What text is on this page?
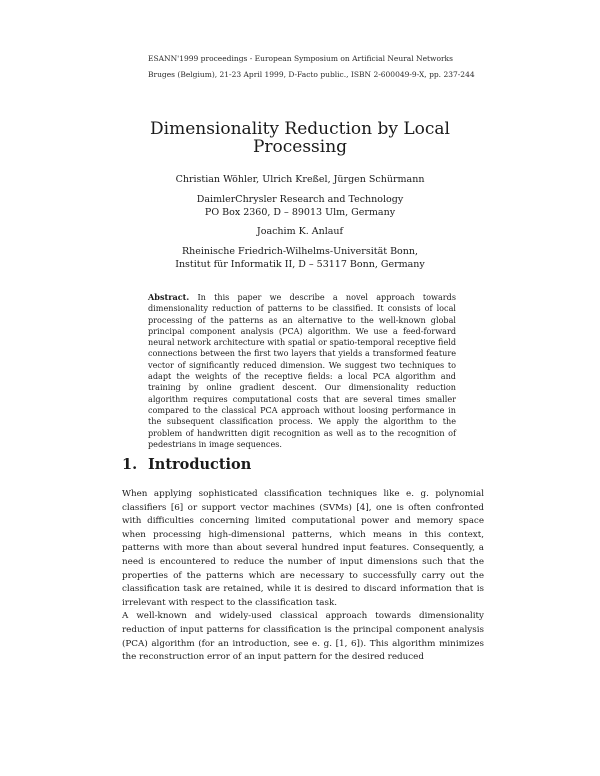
ESANN'1999 proceedings - European Symposium on Artificial Neural Networks
Bruges (Belgium), 21-23 April 1999, D-Facto public., ISBN 2-600049-9-X, pp. 237-244
Dimensionality Reduction by Local
Processing
Christian Wöhler, Ulrich Kreßel, Jürgen Schürmann
DaimlerChrysler Research and Technology
PO Box 2360, D – 89013 Ulm, Germany
Joachim K. Anlauf
Rheinische Friedrich-Wilhelms-Universität Bonn,
Institut für Informatik II, D – 53117 Bonn, Germany
Abstract. In this paper we describe a novel approach towards dimensionality reduction of patterns to be classified. It consists of local processing of the patterns as an alternative to the well-known global principal component analysis (PCA) algorithm. We use a feed-forward neural network architecture with spatial or spatio-temporal receptive field connections between the first two layers that yields a transformed feature vector of significantly reduced dimension. We suggest two techniques to adapt the weights of the receptive fields: a local PCA algorithm and training by online gradient descent. Our dimensionality reduction algorithm requires computational costs that are several times smaller compared to the classical PCA approach without loosing performance in the subsequent classification process. We apply the algorithm to the problem of handwritten digit recognition as well as to the recognition of pedestrians in image sequences.
1. Introduction

When applying sophisticated classification techniques like e. g. polynomial classifiers [6] or support vector machines (SVMs) [4], one is often confronted with difficulties concerning limited computational power and memory space when processing high-dimensional patterns, which means in this context, patterns with more than about several hundred input features. Consequently, a need is encountered to reduce the number of input dimensions such that the properties of the patterns which are necessary to successfully carry out the classification task are retained, while it is desired to discard information that is irrelevant with respect to the classification task.

A well-known and widely-used classical approach towards dimensionality reduction of input patterns for classification is the principal component analysis (PCA) algorithm (for an introduction, see e. g. [1, 6]). This algorithm minimizes the reconstruction error of an input pattern for the desired reduced
